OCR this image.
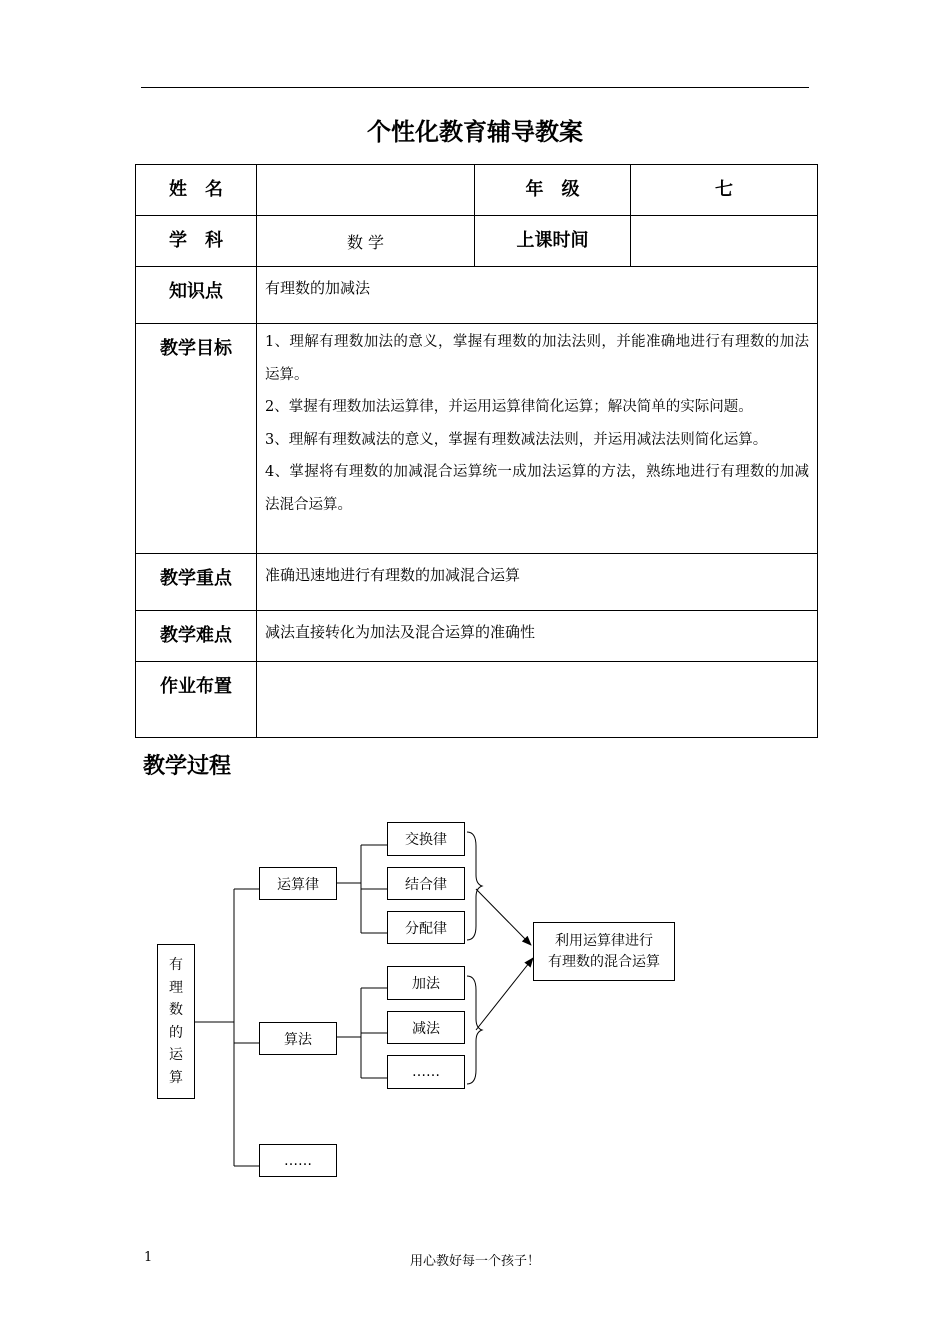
个性化教育辅导教案
姓　名		年　级	七
学　科	数 学	上课时间	
知识点	有理数的加减法		
教学目标	1、理解有理数加法的意义，掌握有理数的加法法则，并能准确地进行有理数的加法运算。

2、掌握有理数加法运算律，并运用运算律简化运算；解决简单的实际问题。

3、理解有理数减法的意义，掌握有理数减法法则，并运用减法法则简化运算。

4、掌握将有理数的加减混合运算统一成加法运算的方法，熟练地进行有理数的加减法混合运算。		

教学重点	准确迅速地进行有理数的加减混合运算		
教学难点	减法直接转化为加法及混合运算的准确性		
作业布置			
教学过程
有
理
数
的
运
算
运算律
算法
……
交换律
结合律
分配律
加法
减法
……
利用运算律进行
有理数的混合运算
1	用心教好每一个孩子！
